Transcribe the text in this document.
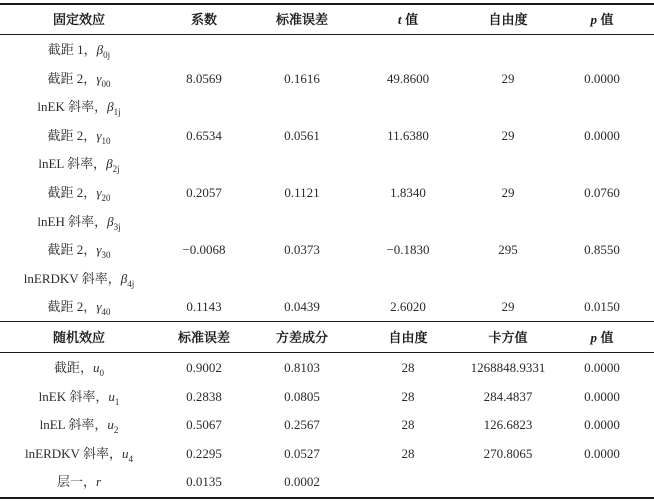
固定效应	系数	标准误差	t 值	自由度	p 值
截距 1，$\beta_{0j}$
截距 2，$\gamma_{00}$	8.0569	0.1616	49.8600	29	0.0000
lnEK 斜率，$\beta_{1j}$
截距 2，$\gamma_{10}$	0.6534	0.0561	11.6380	29	0.0000
lnEL 斜率，$\beta_{2j}$
截距 2，$\gamma_{20}$	0.2057	0.1121	1.8340	29	0.0760
lnEH 斜率，$\beta_{3j}$
截距 2，$\gamma_{30}$	−0.0068	0.0373	−0.1830	295	0.8550
lnERDKV 斜率，$\beta_{4j}$
截距 2，$\gamma_{40}$	0.1143	0.0439	2.6020	29	0.0150
随机效应	标准误差	方差成分	自由度	卡方值	p 值
截距，$u_0$	0.9002	0.8103	28	1268848.9331	0.0000
lnEK 斜率，$u_1$	0.2838	0.0805	28	284.4837	0.0000
lnEL 斜率，$u_2$	0.5067	0.2567	28	126.6823	0.0000
lnERDKV 斜率，$u_4$	0.2295	0.0527	28	270.8065	0.0000
层一，r	0.0135	0.0002
